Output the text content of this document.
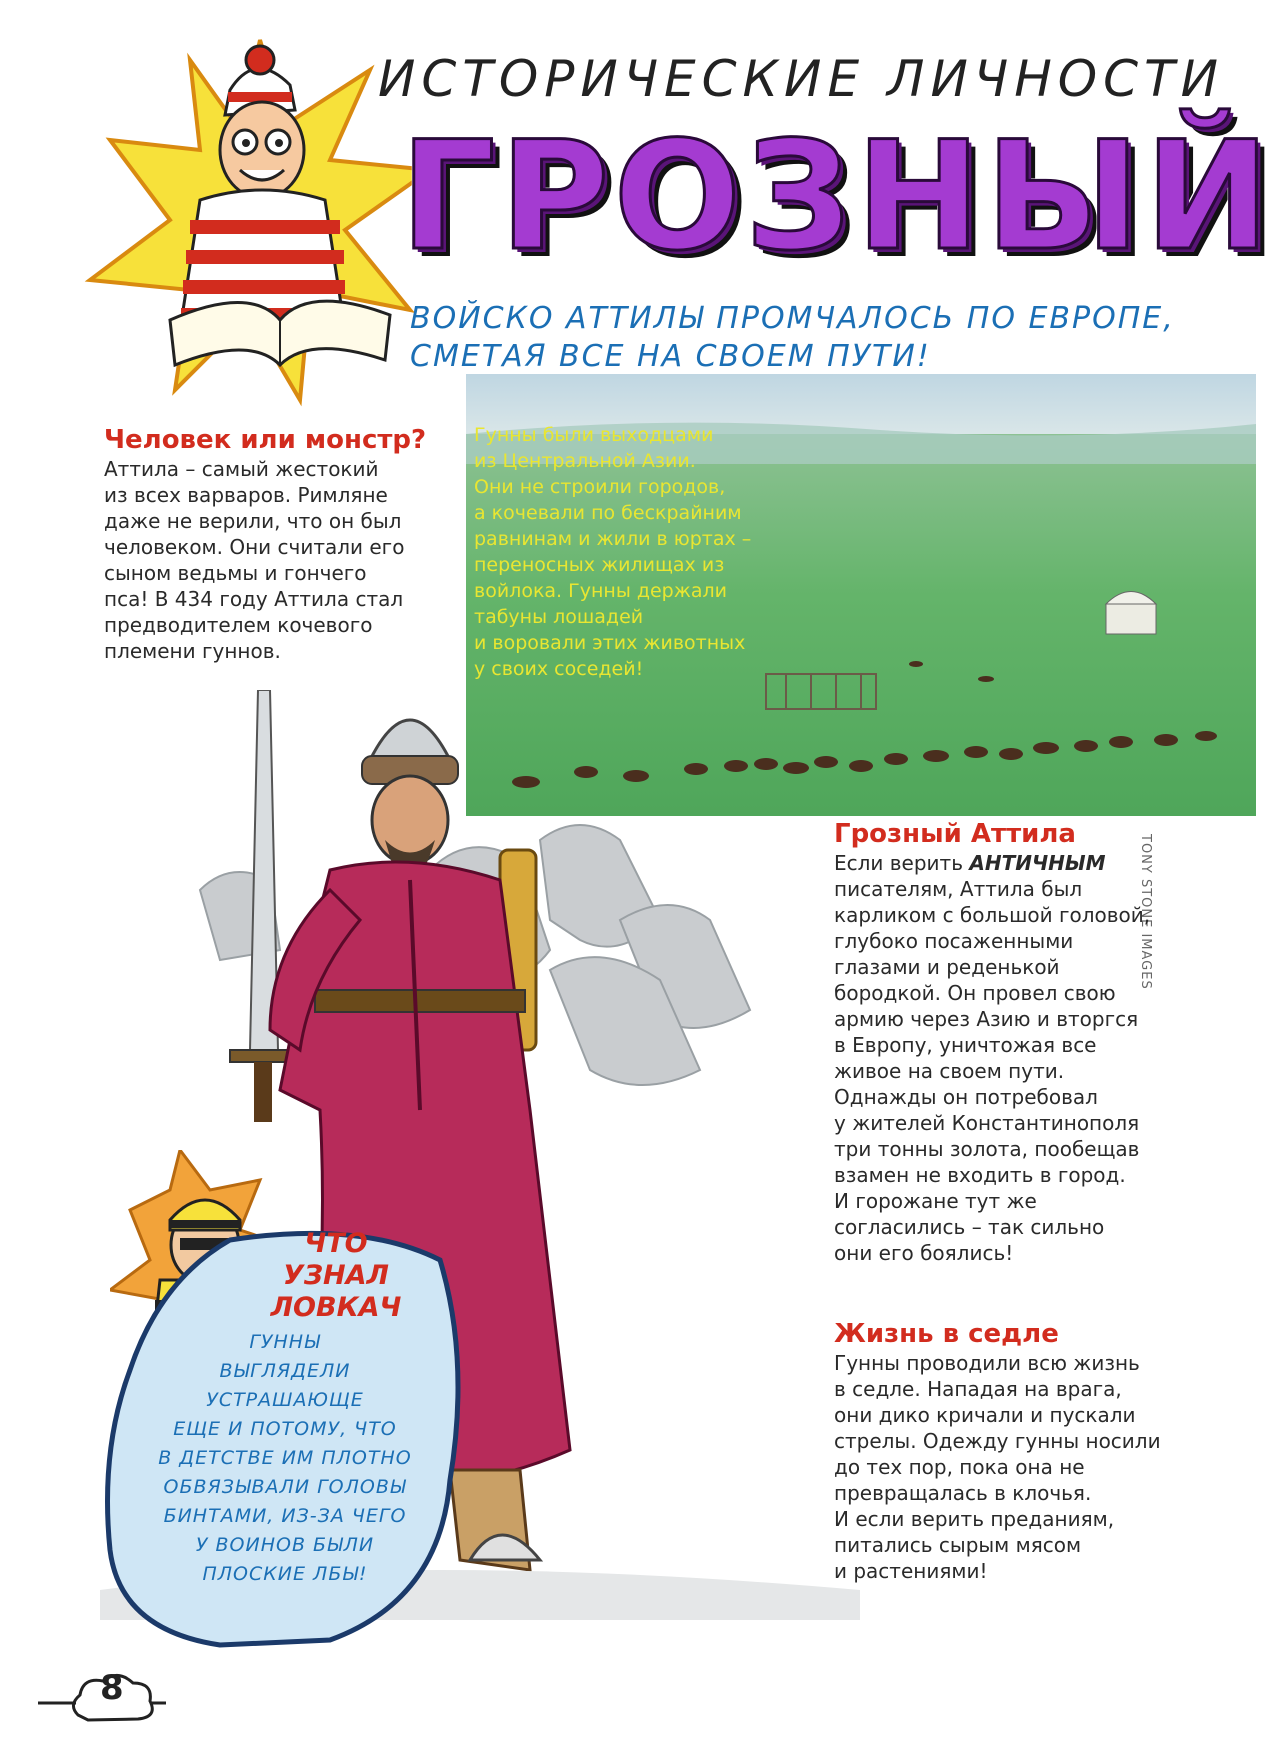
ИСТОРИЧЕСКИЕ ЛИЧНОСТИ
ГРОЗНЫЙ
ВОЙСКО АТТИЛЫ ПРОМЧАЛОСЬ ПО ЕВРОПЕ,
СМЕТАЯ ВСЕ НА СВОЕМ ПУТИ!
Гунны были выходцами
из Центральной Азии.
Они не строили городов,
а кочевали по бескрайним
равнинам и жили в юртах –
переносных жилищах из
войлока. Гунны держали
табуны лошадей
и воровали этих животных
у своих соседей!
TONY STONE IMAGES
Человек или монстр?
Аттила – самый жестокий
из всех варваров. Римляне
даже не верили, что он был
человеком. Они считали его
сыном ведьмы и гончего
пса! В 434 году Аттила стал
предводителем кочевого
племени гуннов.
ЧТО
УЗНАЛ
ЛОВКАЧ
ГУННЫ
ВЫГЛЯДЕЛИ
УСТРАШАЮЩЕ
ЕЩЕ И ПОТОМУ, ЧТО
В ДЕТСТВЕ ИМ ПЛОТНО
ОБВЯЗЫВАЛИ ГОЛОВЫ
БИНТАМИ, ИЗ-ЗА ЧЕГО
У ВОИНОВ БЫЛИ
ПЛОСКИЕ ЛБЫ!
Грозный Аттила
Если верить АНТИЧНЫМ
писателям, Аттила был
карликом с большой головой,
глубоко посаженными
глазами и реденькой
бородкой. Он провел свою
армию через Азию и вторгся
в Европу, уничтожая все
живое на своем пути.
Однажды он потребовал
у жителей Константинополя
три тонны золота, пообещав
взамен не входить в город.
И горожане тут же
согласились – так сильно
они его боялись!
Жизнь в седле
Гунны проводили всю жизнь
в седле. Нападая на врага,
они дико кричали и пускали
стрелы. Одежду гунны носили
до тех пор, пока она не
превращалась в клочья.
И если верить преданиям,
питались сырым мясом
и растениями!
8
